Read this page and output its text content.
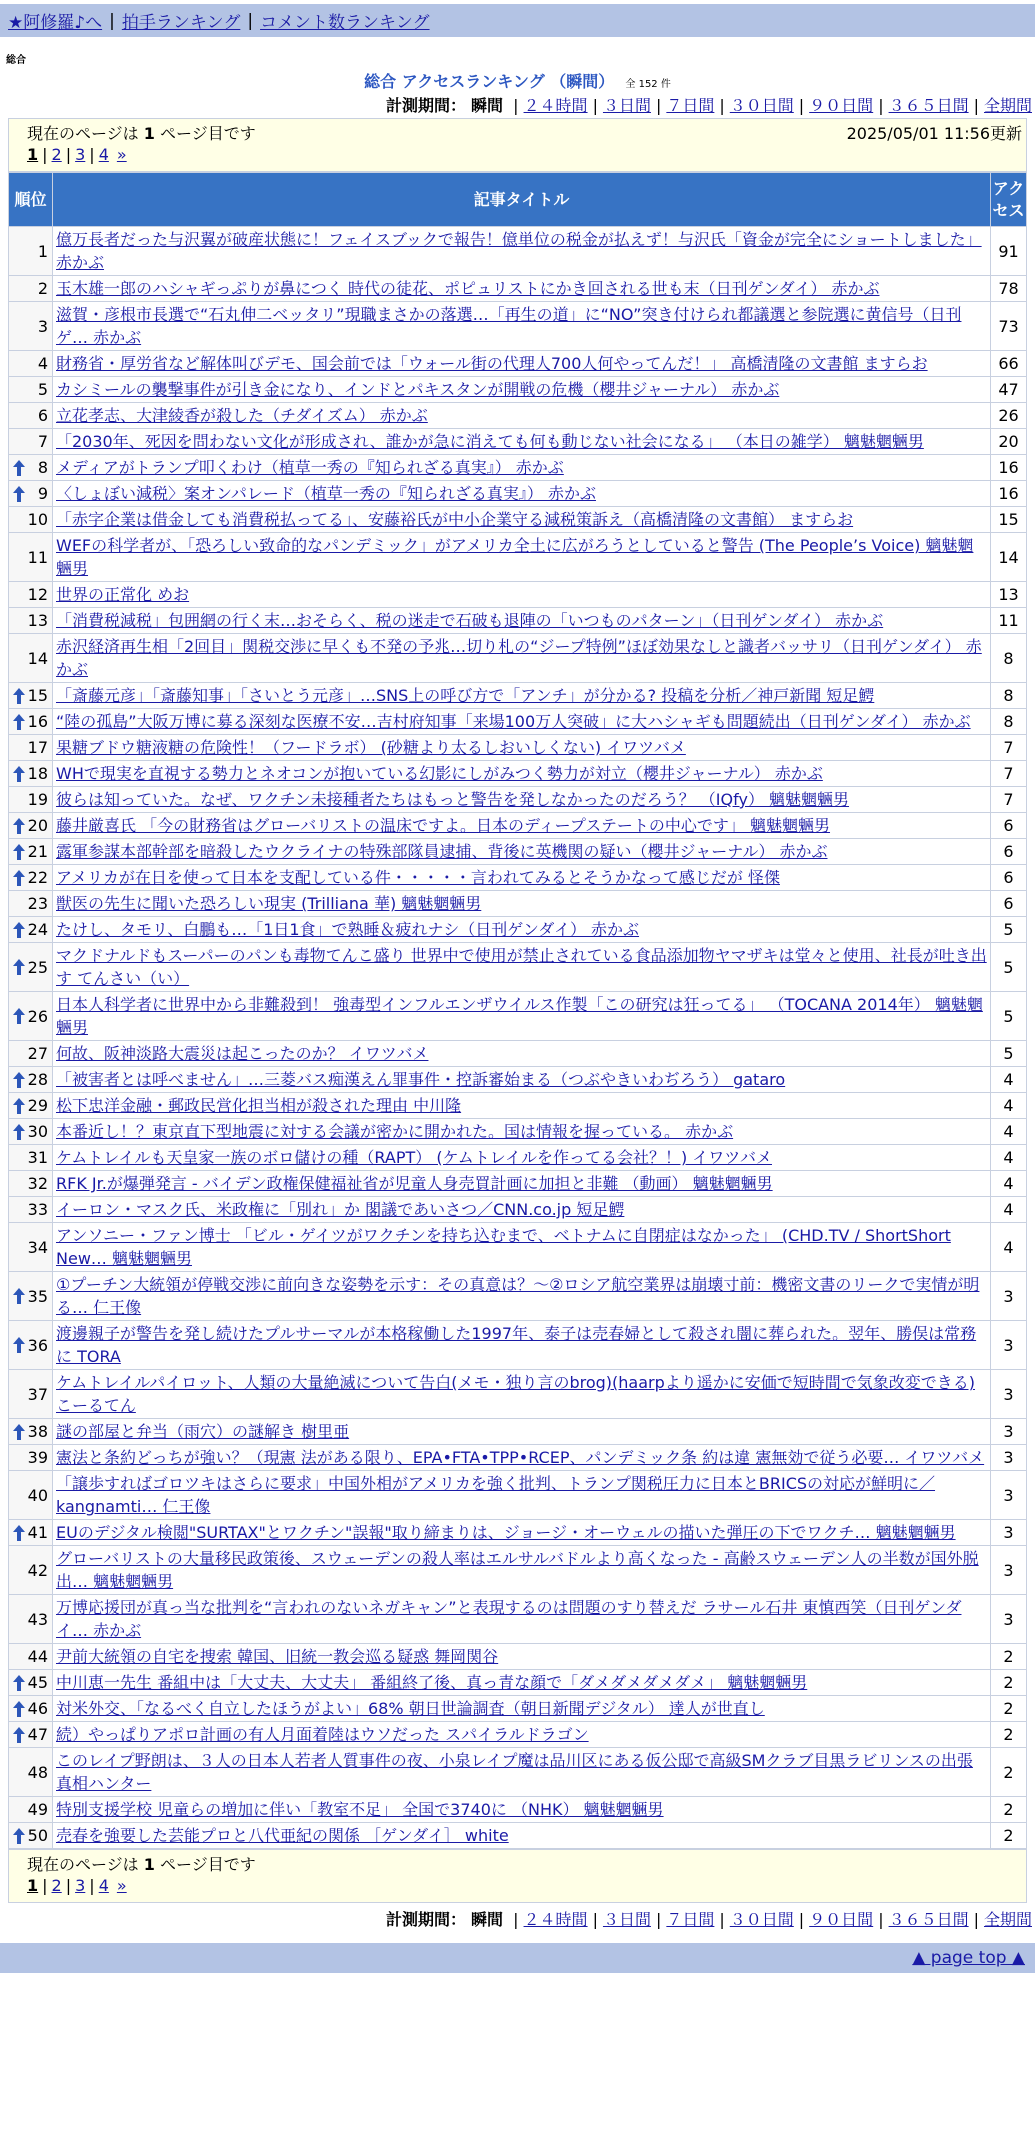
★阿修羅♪へ | 拍手ランキング | コメント数ランキング
総合
総合 アクセスランキング （瞬間） 全 152 件
計測期間： 瞬間 | ２４時間 | ３日間 | ７日間 | ３０日間 | ９０日間 | ３６５日間 | 全期間
現在のページは 1 ページ目です	2025/05/01 11:56更新
1 | 2 | 3 | 4 »
順位	記事タイトル	アクセス
1	億万長者だった与沢翼が破産状態に！フェイスブックで報告！億単位の税金が払えず！与沢氏「資金が完全にショートしました」 赤かぶ	91
2	玉木雄一郎のハシャギっぷりが鼻につく 時代の徒花、ポピュリストにかき回される世も末（日刊ゲンダイ） 赤かぶ	78
3	滋賀・彦根市長選で“石丸伸二ベッタリ”現職まさかの落選…「再生の道」に“NO”突き付けられ都議選と参院選に黄信号（日刊ゲ… 赤かぶ	73
4	財務省・厚労省など解体叫びデモ、国会前では「ウォール街の代理人700人何やってんだ！」 高橋清隆の文書館 ますらお	66
5	カシミールの襲撃事件が引き金になり、インドとパキスタンが開戦の危機（櫻井ジャーナル） 赤かぶ	47
6	立花孝志、大津綾香が殺した（チダイズム） 赤かぶ	26
7	「2030年、死因を問わない文化が形成され、誰かが急に消えても何も動じない社会になる」 （本日の雑学） 魑魅魍魎男	20

8	メディアがトランプ叩くわけ（植草一秀の『知られざる真実』） 赤かぶ	16

9	〈しょぼい減税〉案オンパレード（植草一秀の『知られざる真実』） 赤かぶ	16
10	「赤字企業は借金しても消費税払ってる」、安藤裕氏が中小企業守る減税策訴え（高橋清隆の文書館） ますらお	15
11	WEFの科学者が、「恐ろしい致命的なパンデミック」がアメリカ全土に広がろうとしていると警告 (The People’s Voice) 魑魅魍魎男	14
12	世界の正常化 めお	13
13	「消費税減税」包囲網の行く末…おそらく、税の迷走で石破も退陣の「いつものパターン」（日刊ゲンダイ） 赤かぶ	11
14	赤沢経済再生相「2回目」関税交渉に早くも不発の予兆…切り札の“ジープ特例”ほぼ効果なしと識者バッサリ（日刊ゲンダイ） 赤かぶ	8

15	「斎藤元彦」「斎藤知事」「さいとう元彦」…SNS上の呼び方で「アンチ」が分かる? 投稿を分析／神戸新聞 短足鰐	8

16	“陸の孤島”大阪万博に募る深刻な医療不安…吉村府知事「来場100万人突破」に大ハシャギも問題続出（日刊ゲンダイ） 赤かぶ	8
17	果糖ブドウ糖液糖の危険性！（フードラボ） (砂糖より太るしおいしくない) イワツバメ	7

18	WHで現実を直視する勢力とネオコンが抱いている幻影にしがみつく勢力が対立（櫻井ジャーナル） 赤かぶ	7
19	彼らは知っていた。なぜ、ワクチン未接種者たちはもっと警告を発しなかったのだろう？ （IQfy） 魑魅魍魎男	7

20	藤井厳喜氏 「今の財務省はグローバリストの温床ですよ。日本のディープステートの中心です」 魑魅魍魎男	6

21	露軍参謀本部幹部を暗殺したウクライナの特殊部隊員逮捕、背後に英機関の疑い（櫻井ジャーナル） 赤かぶ	6

22	アメリカが在日を使って日本を支配している件・・・・・言われてみるとそうかなって感じだが 怪傑	6
23	獣医の先生に聞いた恐ろしい現実 (Trilliana 華) 魑魅魍魎男	6

24	たけし、タモリ、白鵬も…「1日1食」で熟睡＆疲れナシ（日刊ゲンダイ） 赤かぶ	5

25	マクドナルドもスーパーのパンも毒物てんこ盛り 世界中で使用が禁止されている食品添加物ヤマザキは堂々と使用、社長が吐き出す てんさい（い）	5

26	日本人科学者に世界中から非難殺到！ 強毒型インフルエンザウイルス作製「この研究は狂ってる」 （TOCANA 2014年） 魑魅魍魎男	5
27	何故、阪神淡路大震災は起こったのか？ イワツバメ	5

28	「被害者とは呼べません」…三菱バス痴漢えん罪事件・控訴審始まる（つぶやきいわぢろう） gataro	4

29	松下忠洋金融・郵政民営化担当相が殺された理由 中川隆	4

30	本番近し！？東京直下型地震に対する会議が密かに開かれた。国は情報を握っている。 赤かぶ	4
31	ケムトレイルも天皇家一族のボロ儲けの種（RAPT） (ケムトレイルを作ってる会社？！) イワツバメ	4
32	RFK Jr.が爆弾発言 - バイデン政権保健福祉省が児童人身売買計画に加担と非難 （動画） 魑魅魍魎男	4
33	イーロン・マスク氏、米政権に「別れ」か 閣議であいさつ／CNN.co.jp 短足鰐	4
34	アンソニー・ファン博士 「ビル・ゲイツがワクチンを持ち込むまで、ベトナムに自閉症はなかった」 (CHD.TV / ShortShort New… 魑魅魍魎男	4

35	①プーチン大統領が停戦交渉に前向きな姿勢を示す：その真意は？～②ロシア航空業界は崩壊寸前：機密文書のリークで実情が明る… 仁王像	3

36	渡邊親子が警告を発し続けたプルサーマルが本格稼働した1997年、泰子は売春婦として殺され闇に葬られた。翌年、勝俣は常務に TORA	3
37	ケムトレイルパイロット、人類の大量絶滅について告白(メモ・独り言のbrog)(haarpより遥かに安価で短時間で気象改変できる) こーるてん	3

38	謎の部屋と弁当（雨穴）の謎解き 樹里亜	3
39	憲法と条約どっちが強い？（現憲 法がある限り、EPA•FTA•TPP•RCEP、パンデミック条 約は違 憲無効で従う必要… イワツバメ	3
40	「譲歩すればゴロツキはさらに要求」中国外相がアメリカを強く批判、トランプ関税圧力に日本とBRICSの対応が鮮明に／kangnamti… 仁王像	3

41	EUのデジタル検閲"SURTAX"とワクチン"誤報"取り締まりは、ジョージ・オーウェルの描いた弾圧の下でワクチ… 魑魅魍魎男	3
42	グローバリストの大量移民政策後、スウェーデンの殺人率はエルサルバドルより高くなった - 高齢スウェーデン人の半数が国外脱出… 魑魅魍魎男	3
43	万博応援団が真っ当な批判を“言われのないネガキャン”と表現するのは問題のすり替えだ ラサール石井 東慎西笑（日刊ゲンダイ… 赤かぶ	3
44	尹前大統領の自宅を捜索 韓国、旧統一教会巡る疑惑 舞岡関谷	2

45	中川恵一先生 番組中は「大丈夫、大丈夫」 番組終了後、真っ青な顔で「ダメダメダメダメ」 魑魅魍魎男	2

46	対米外交、「なるべく自立したほうがよい」68% 朝日世論調査（朝日新聞デジタル） 達人が世直し	2

47	続）やっぱりアポロ計画の有人月面着陸はウソだった スパイラルドラゴン	2
48	このレイプ野朗は、３人の日本人若者人質事件の夜、小泉レイプ魔は品川区にある仮公邸で高級SMクラブ目黒ラビリンスの出張 真相ハンター	2
49	特別支援学校 児童らの増加に伴い「教室不足」 全国で3740に （NHK） 魑魅魍魎男	2

50	売春を強要した芸能プロと八代亜紀の関係 ［ゲンダイ］ white	2
現在のページは 1 ページ目です
1 | 2 | 3 | 4 »
計測期間： 瞬間 | ２４時間 | ３日間 | ７日間 | ３０日間 | ９０日間 | ３６５日間 | 全期間
▲ page top ▲
